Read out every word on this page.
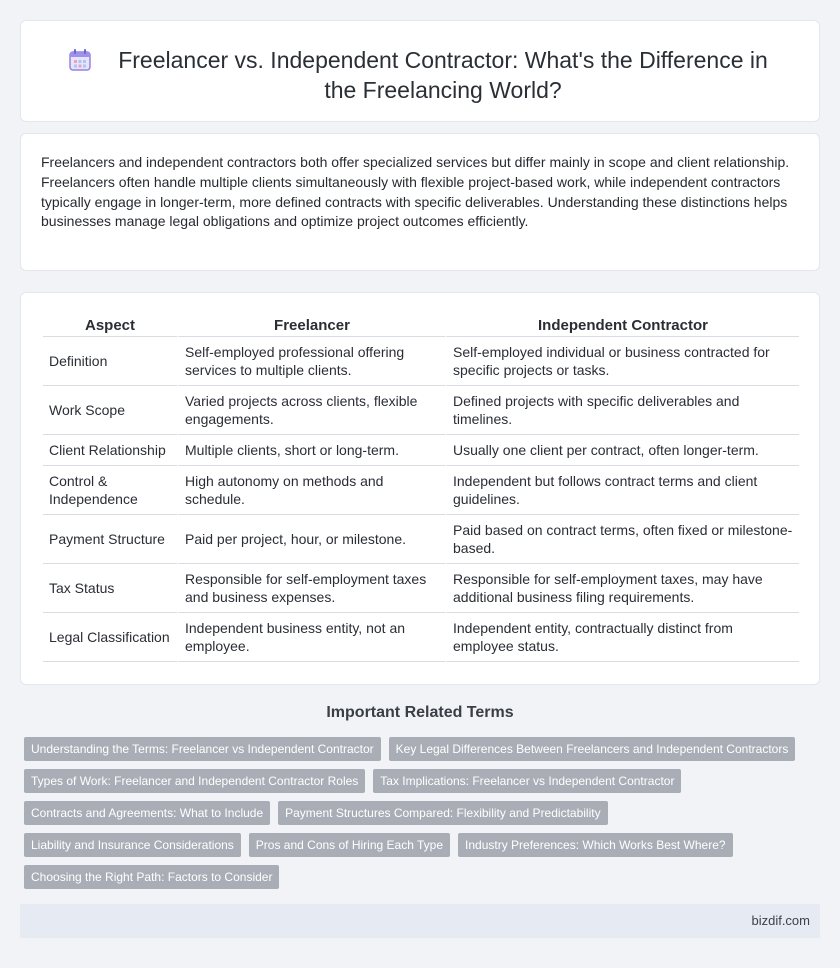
Freelancer vs. Independent Contractor: What's the Difference in the Freelancing World?

Freelancers and independent contractors both offer specialized services but differ mainly in scope and client relationship. Freelancers often handle multiple clients simultaneously with flexible project-based work, while independent contractors typically engage in longer-term, more defined contracts with specific deliverables. Understanding these distinctions helps businesses manage legal obligations and optimize project outcomes efficiently.

Aspect	Freelancer	Independent Contractor
Definition	Self-employed professional offering services to multiple clients.	Self-employed individual or business contracted for specific projects or tasks.
Work Scope	Varied projects across clients, flexible engagements.	Defined projects with specific deliverables and timelines.
Client Relationship	Multiple clients, short or long-term.	Usually one client per contract, often longer-term.
Control & Independence	High autonomy on methods and schedule.	Independent but follows contract terms and client guidelines.
Payment Structure	Paid per project, hour, or milestone.	Paid based on contract terms, often fixed or milestone-based.
Tax Status	Responsible for self-employment taxes and business expenses.	Responsible for self-employment taxes, may have additional business filing requirements.
Legal Classification	Independent business entity, not an employee.	Independent entity, contractually distinct from employee status.
Important Related Terms
Understanding the Terms: Freelancer vs Independent Contractor	Key Legal Differences Between Freelancers and Independent Contractors
Types of Work: Freelancer and Independent Contractor Roles	Tax Implications: Freelancer vs Independent Contractor
Contracts and Agreements: What to Include	Payment Structures Compared: Flexibility and Predictability
Liability and Insurance Considerations	Pros and Cons of Hiring Each Type	Industry Preferences: Which Works Best Where?
Choosing the Right Path: Factors to Consider
bizdif.com
